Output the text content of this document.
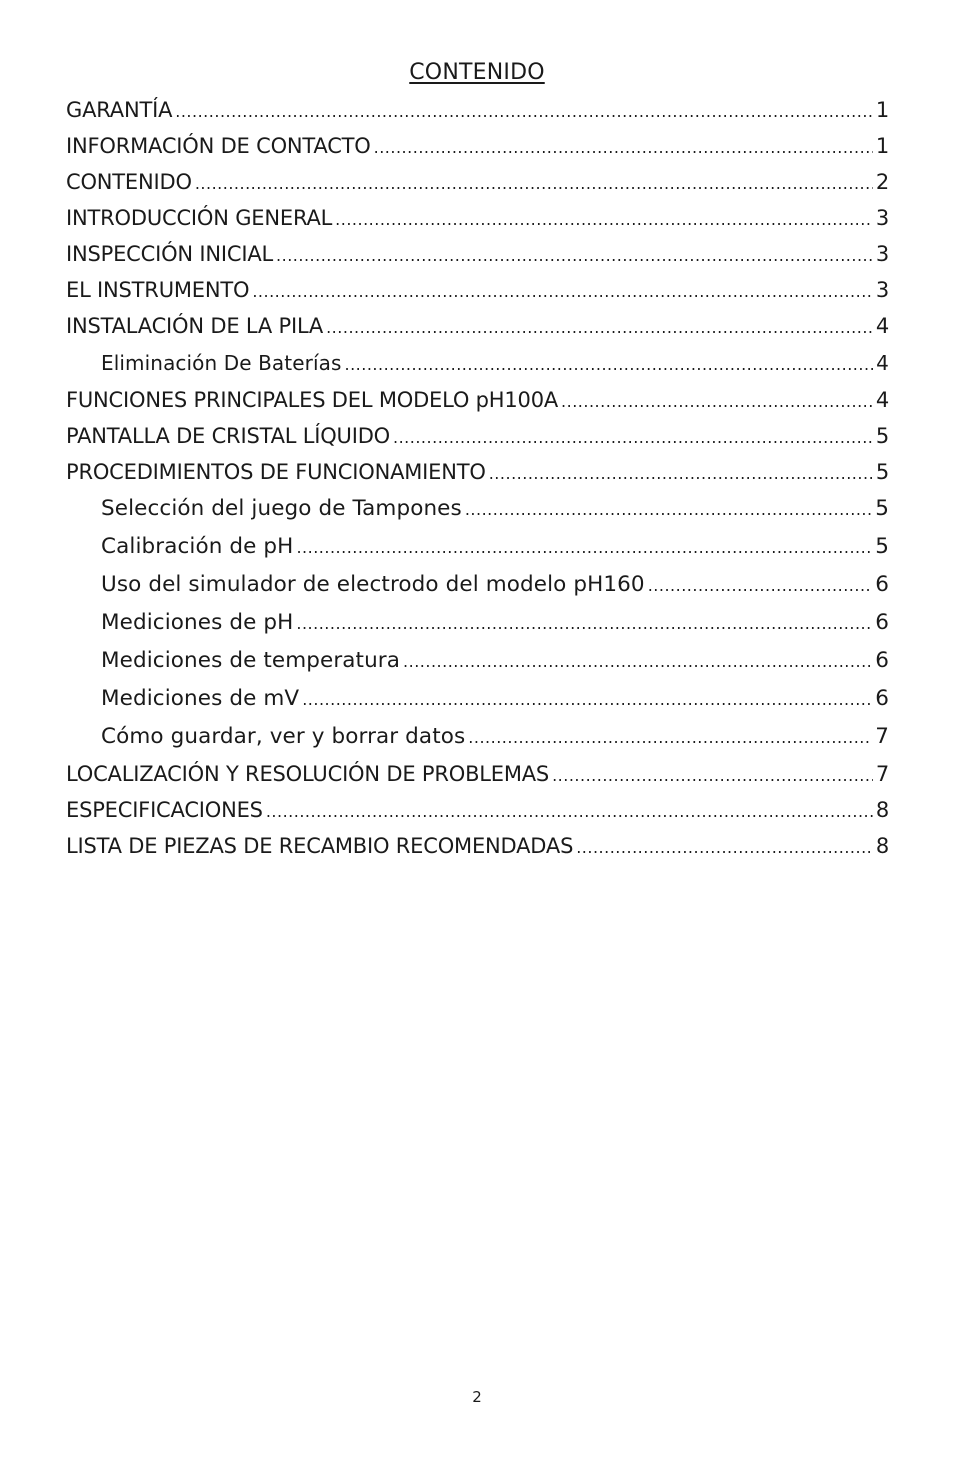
CONTENIDO
GARANTÍA .....	1
INFORMACIÓN DE CONTACTO .....	1
CONTENIDO .....	2
INTRODUCCIÓN GENERAL .....	3
INSPECCIÓN INICIAL .....	3
EL INSTRUMENTO .....	3
INSTALACIÓN DE LA PILA .....	4
Eliminación De Baterías .....	4
FUNCIONES PRINCIPALES DEL MODELO pH100A .....	4
PANTALLA DE CRISTAL LÍQUIDO .....	5
PROCEDIMIENTOS DE FUNCIONAMIENTO .....	5
Selección del juego de Tampones .....	5
Calibración de pH .....	5
Uso del simulador de electrodo del modelo pH160 .....	6
Mediciones de pH .....	6
Mediciones de temperatura .....	6
Mediciones de mV .....	6
Cómo guardar, ver y borrar datos .....	7
LOCALIZACIÓN Y RESOLUCIÓN DE PROBLEMAS .....	7
ESPECIFICACIONES .....	8
LISTA DE PIEZAS DE RECAMBIO RECOMENDADAS .....	8
2
